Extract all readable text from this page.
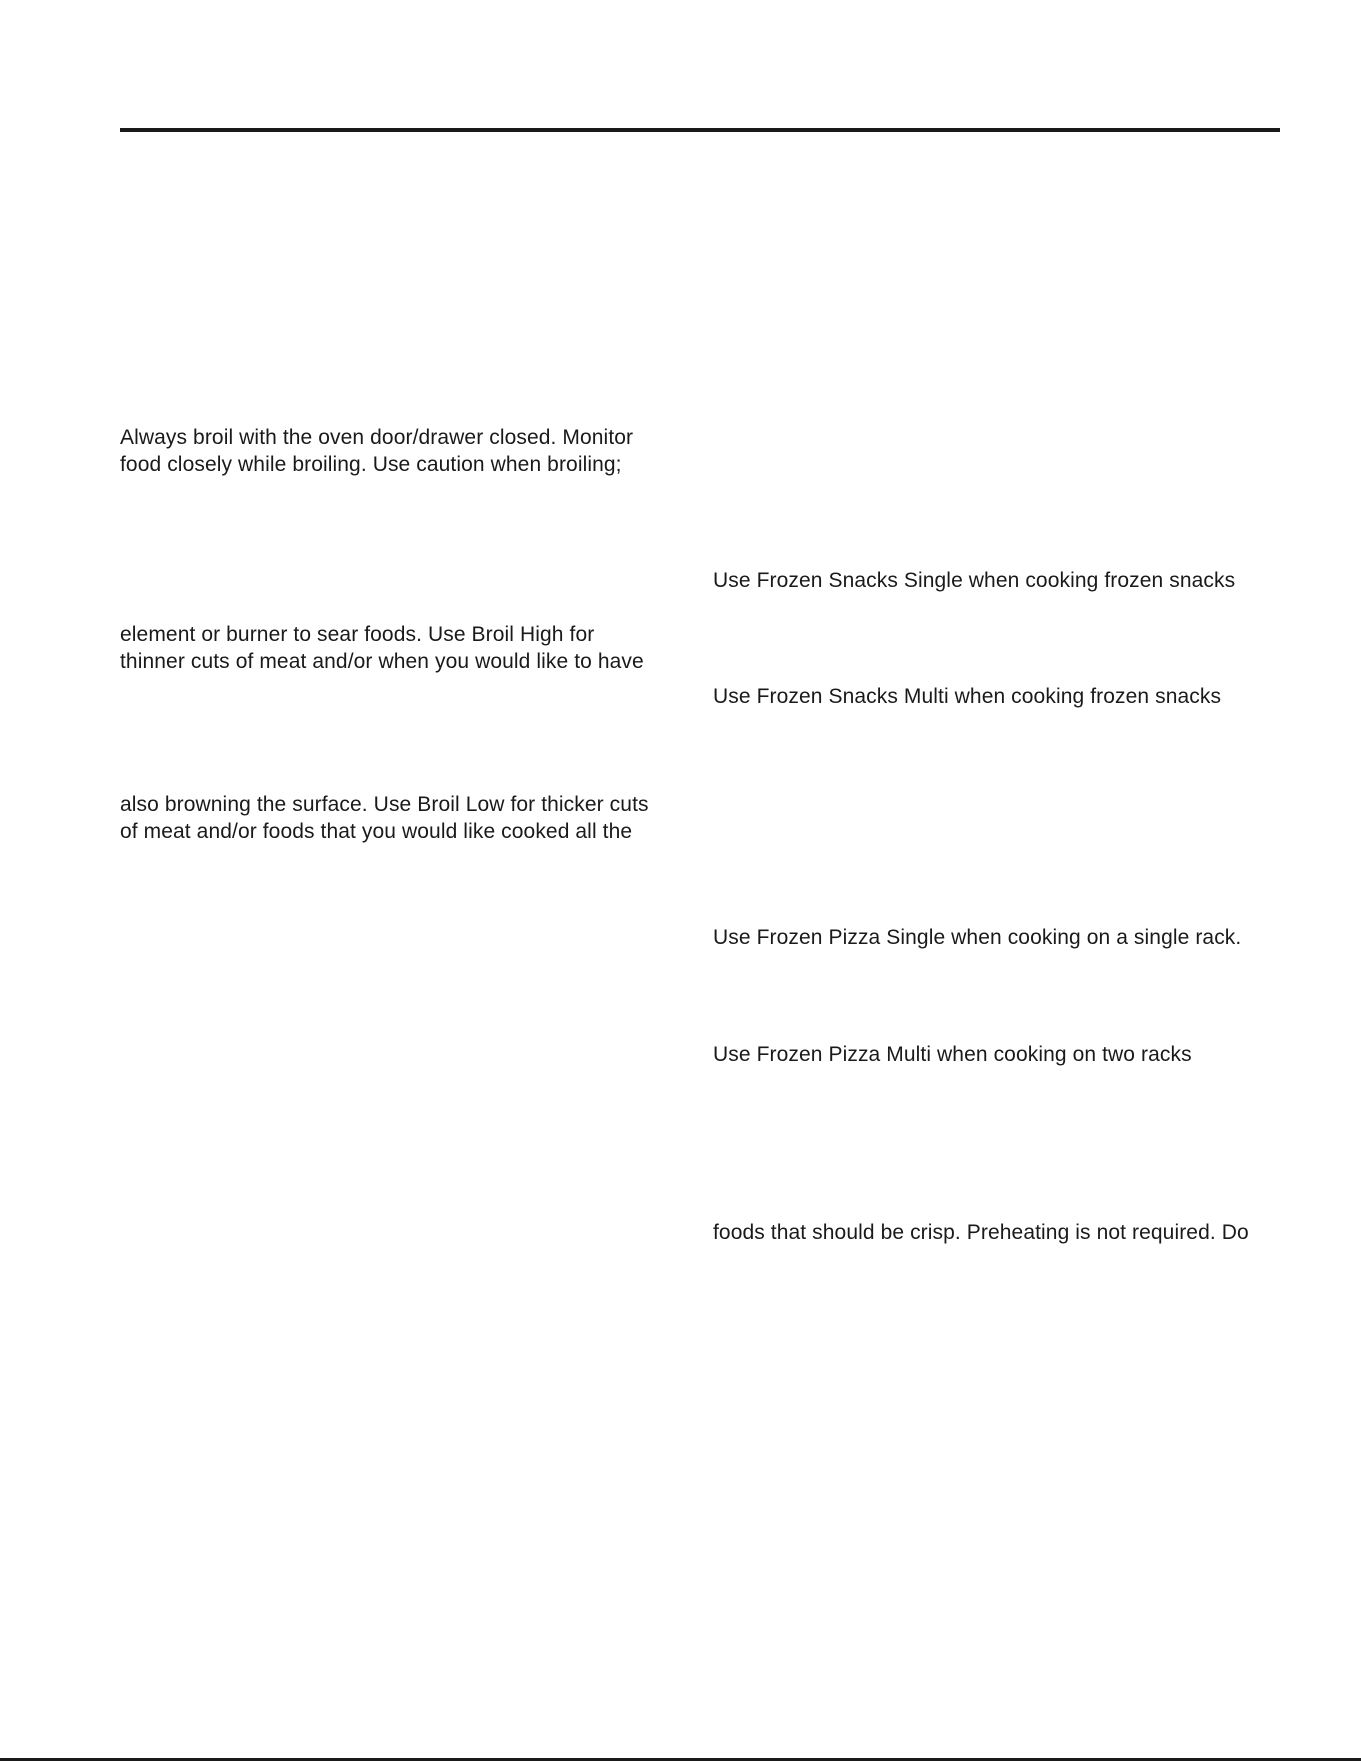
Always broil with the oven door/drawer closed. Monitor
food closely while broiling. Use caution when broiling;
element or burner to sear foods. Use Broil High for
thinner cuts of meat and/or when you would like to have
also browning the surface. Use Broil Low for thicker cuts
of meat and/or foods that you would like cooked all the
Use Frozen Snacks Single when cooking frozen snacks
Use Frozen Snacks Multi when cooking frozen snacks
Use Frozen Pizza Single when cooking on a single rack.
Use Frozen Pizza Multi when cooking on two racks
foods that should be crisp. Preheating is not required. Do
